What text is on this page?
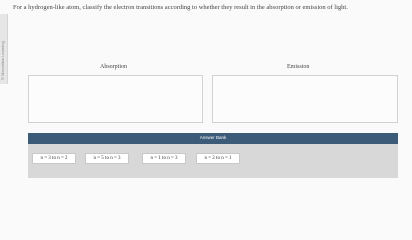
© Macmillan Learning

For a hydrogen-like atom, classify the electron transitions according to whether they result in the absorption or emission of light.

Absorption	Emission
Answer Bank
n = 3 to n = 2	n = 5 to n = 3	n = 1 to n = 3	n = 2 to n = 1
